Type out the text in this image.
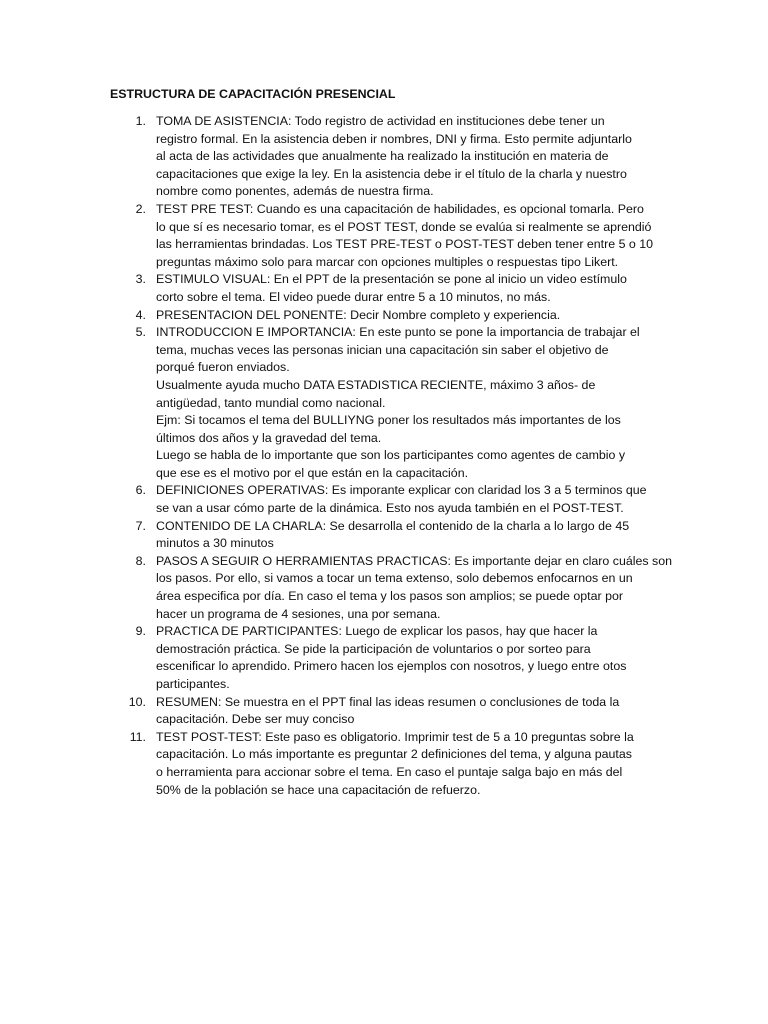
ESTRUCTURA DE CAPACITACIÓN PRESENCIAL
1. TOMA DE ASISTENCIA: Todo registro de actividad en instituciones debe tener un
registro formal. En la asistencia deben ir nombres, DNI y firma. Esto permite adjuntarlo
al acta de las actividades que anualmente ha realizado la institución en materia de
capacitaciones que exige la ley. En la asistencia debe ir el título de la charla y nuestro
nombre como ponentes, además de nuestra firma.
2. TEST PRE TEST: Cuando es una capacitación de habilidades, es opcional tomarla. Pero
lo que sí es necesario tomar, es el POST TEST, donde se evalúa si realmente se aprendió
las herramientas brindadas. Los TEST PRE-TEST o POST-TEST deben tener entre 5 o 10
preguntas máximo solo para marcar con opciones multiples o respuestas tipo Likert.
3. ESTIMULO VISUAL: En el PPT de la presentación se pone al inicio un video estímulo
corto sobre el tema. El video puede durar entre 5 a 10 minutos, no más.
4. PRESENTACION DEL PONENTE: Decir Nombre completo y experiencia.
5. INTRODUCCION E IMPORTANCIA: En este punto se pone la importancia de trabajar el
tema, muchas veces las personas inician una capacitación sin saber el objetivo de
porqué fueron enviados.
Usualmente ayuda mucho DATA ESTADISTICA RECIENTE, máximo 3 años- de
antigüedad, tanto mundial como nacional.
Ejm: Si tocamos el tema del BULLIYNG poner los resultados más importantes de los
últimos dos años y la gravedad del tema.
Luego se habla de lo importante que son los participantes como agentes de cambio y
que ese es el motivo por el que están en la capacitación.
6. DEFINICIONES OPERATIVAS: Es imporante explicar con claridad los 3 a 5 terminos que
se van a usar cómo parte de la dinámica. Esto nos ayuda también en el POST-TEST.
7. CONTENIDO DE LA CHARLA: Se desarrolla el contenido de la charla a lo largo de 45
minutos a 30 minutos
8. PASOS A SEGUIR O HERRAMIENTAS PRACTICAS: Es importante dejar en claro cuáles son
los pasos. Por ello, si vamos a tocar un tema extenso, solo debemos enfocarnos en un
área especifica por día. En caso el tema y los pasos son amplios; se puede optar por
hacer un programa de 4 sesiones, una por semana.
9. PRACTICA DE PARTICIPANTES: Luego de explicar los pasos, hay que hacer la
demostración práctica. Se pide la participación de voluntarios o por sorteo para
escenificar lo aprendido. Primero hacen los ejemplos con nosotros, y luego entre otos
participantes.
10. RESUMEN: Se muestra en el PPT final las ideas resumen o conclusiones de toda la
capacitación. Debe ser muy conciso
11. TEST POST-TEST: Este paso es obligatorio. Imprimir test de 5 a 10 preguntas sobre la
capacitación. Lo más importante es preguntar 2 definiciones del tema, y alguna pautas
o herramienta para accionar sobre el tema. En caso el puntaje salga bajo en más del
50% de la población se hace una capacitación de refuerzo.
